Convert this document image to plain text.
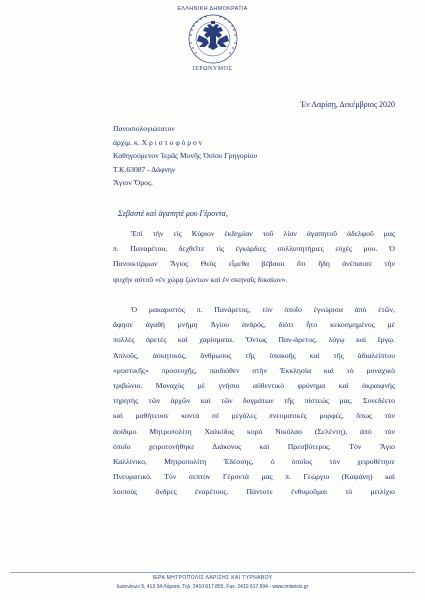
ΕΛΛΗΝΙΚΗ ΔΗΜΟΚΡΑΤΙΑ
ΙΕΡΩΝΥΜΟΣ
Ἐν Λαρίσῃ, Δεκέμβριος 2020
Πανοσιολογιώτατον
ἀρχιμ. κ. Χ ρ ι σ τ ο φ ό ρ ο ν
Καθηγούμενον Ἱερᾶς Μονῆς Ὁσίου Γρηγορίου
Τ.Κ.63087 - Δάφνην
Ἅγιον Ὄρος.
Σεβαστὲ καὶ ἀγαπητέ μου Γέροντα,
Ἐπὶ τὴν εἰς Κύριον ἐκδημίαν τοῦ λίαν ἀγαπητοῦ ἀδελφοῦ μας
π. Παναρέτου, δεχθεῖτε τὶς ἐγκάρδιες συλλυπητήριες εὐχές μου. Ὁ
Πανοικτίρμων Ἅγιος Θεὸς εἶμεθα βέβαιοι ὅτι ἤδη ἀνέπαυσε τὴν
ψυχὴν αὐτοῦ «ἐν χώρᾳ ζώντων καὶ ἐν σκηναῖς δικαίων».
Ὁ μακαριστὸς π. Πανάρετος, τὸν ὁποῖο ἐγνώρισα ἀπὸ ἐτῶν,
ἄφησε ἀγαθὴ μνήμη Ἁγίου ἀνδρός, διότι ἦτο κεκοσμημένος μὲ
πολλὲς ἀρετὲς καὶ χαρίσματα. Ὄντως Παν-άρετος, λόγῳ καὶ ἔργῳ.
Ἁπλοῦς, ἀσκητικός, ἄνθρωπος τῆς ὑπακοῆς καὶ τῆς ἀδιαλείπτου
«μυστικῆς» προσευχῆς, παιδιόθεν στὴν Ἐκκλησία καὶ τὸ μοναχικὸ
τριβώνιο. Μοναχὸς μὲ γνήσιο αὐθεντικὸ φρόνημα καὶ ἀκραιφνὴς
τηρητὴς τῶν ἀρχῶν καὶ τῶν δογμάτων τῆς πίστεώς μας. Συνεδέετο
καὶ μαθήτευσε κοντὰ σὲ μεγάλες πνευματικὲς μορφές, ὅπως τὸν
ἀοίδιμο Μητροπολίτη Χαλκίδος κυρὸ Νικόλαο (Σελέντη), ἀπὸ τὸν
ὁποῖο χειροτονήθηκε Διάκονος καὶ Πρεσβύτερος. Τὸν Ἅγιο
Καλλίνικο, Μητροπολίτη Ἐδέσσης, ὁ ὁποῖος τὸν χειροθέτησε
Πνευματικό. Τὸν σεπτὸν Γέροντά μας π. Γεώργιο (Καψάνη) καὶ
λοιποὺς ἄνδρες ἐναρέτους. Πάντοτε ἐνθυμοῦμαι τὸ μειλίχιο
ΙΕΡΑ ΜΗΤΡΟΠΟΛΙΣ ΛΑΡΙΣΗΣ ΚΑΙ ΤΥΡΝΑΒΟΥ
Ιωαννίνων 5, 413 34 Λάρισα, Τηλ: 2410 617.855, Fax: 2410 617.694 - www.imlarisis.gr
